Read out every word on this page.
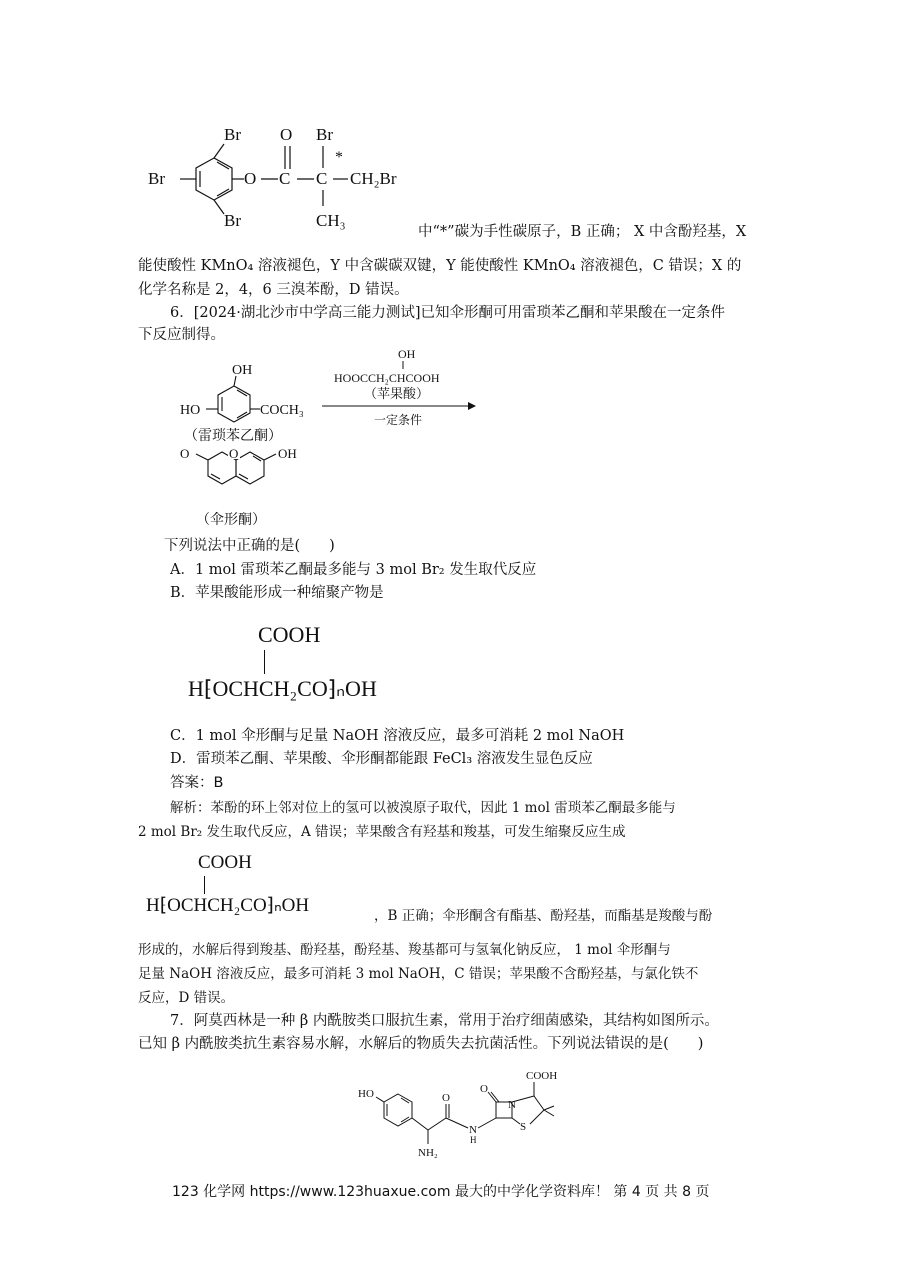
Br
Br
Br
O C
O
C
Br
*
CH₂Br
CH₃
中“*”碳为手性碳原子，B 正确； X 中含酚羟基，X
能使酸性 KMnO₄ 溶液褪色，Y 中含碳碳双键，Y 能使酸性 KMnO₄ 溶液褪色，C 错误；X 的
化学名称是 2，4，6 三溴苯酚，D 错误。
6．[2024·湖北沙市中学高三能力测试]已知伞形酮可用雷琐苯乙酮和苹果酸在一定条件
下反应制得。
OH
HO	COCH₃
（雷琐苯乙酮）
OH
HOOCCH₂CHCOOH
（苹果酸）
一定条件
O
O	OH
（伞形酮）
下列说法中正确的是(　　)
A．1 mol 雷琐苯乙酮最多能与 3 mol Br₂ 发生取代反应
B．苹果酸能形成一种缩聚产物是
COOH
H⁅OCHCH₂CO⁆ₙOH
C．1 mol 伞形酮与足量 NaOH 溶液反应，最多可消耗 2 mol NaOH
D．雷琐苯乙酮、苹果酸、伞形酮都能跟 FeCl₃ 溶液发生显色反应
答案：B
解析：苯酚的环上邻对位上的氢可以被溴原子取代，因此 1 mol 雷琐苯乙酮最多能与
2 mol Br₂ 发生取代反应，A 错误；苹果酸含有羟基和羧基，可发生缩聚反应生成
COOH
H⁅OCHCH₂CO⁆ₙOH	，B 正确；伞形酮含有酯基、酚羟基，而酯基是羧酸与酚
形成的，水解后得到羧基、酚羟基，酚羟基、羧基都可与氢氧化钠反应， 1 mol 伞形酮与
足量 NaOH 溶液反应，最多可消耗 3 mol NaOH，C 错误；苹果酸不含酚羟基，与氯化铁不
反应，D 错误。
7．阿莫西林是一种 β 内酰胺类口服抗生素，常用于治疗细菌感染，其结构如图所示。
已知 β 内酰胺类抗生素容易水解，水解后的物质失去抗菌活性。下列说法错误的是(　　)
HO	O
O
N
H
N
S
COOH
NH₂
123 化学网 https://www.123huaxue.com 最大的中学化学资料库！ 第 4 页 共 8 页
